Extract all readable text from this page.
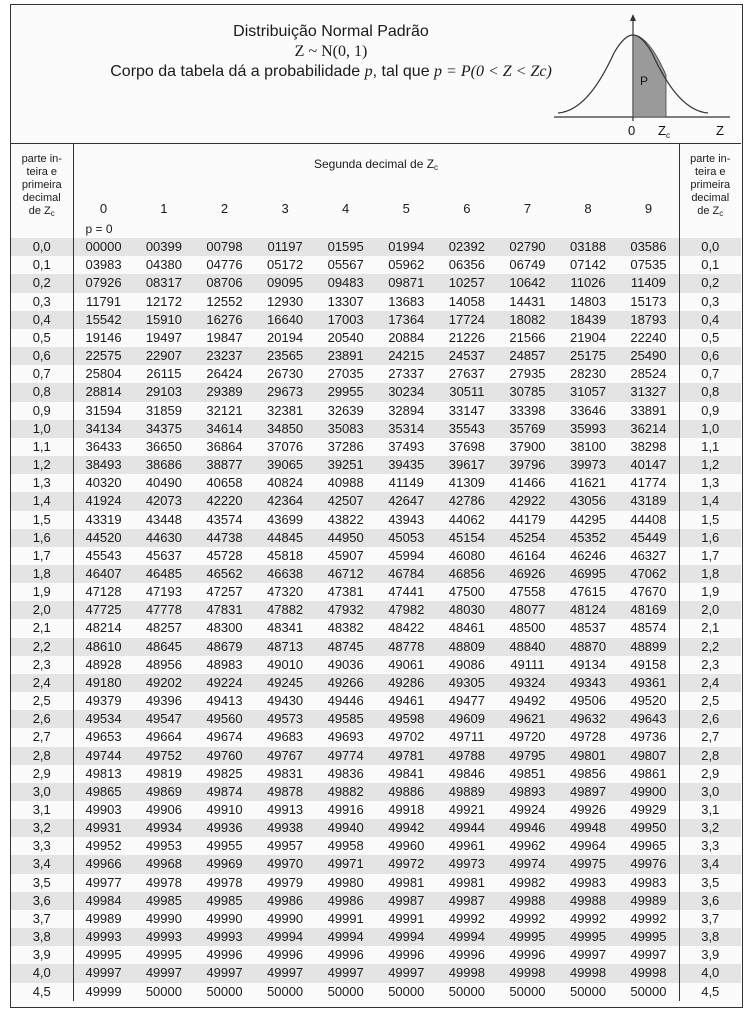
Distribuição Normal Padrão
Z ~ N(0, 1)
Corpo da tabela dá a probabilidade p, tal que p = P(0 < Z < Zc)
P
0 $Z_c$	Z
parte in-
teira e
primeira
decimal
de $Z_c$	Segunda decimal de $Z_c$										parte in-
teira e
primeira
decimal
de $Z_c$
	0	1	2	3	4	5	6	7	8	9	
	p = 0										
0,0	00000	00399	00798	01197	01595	01994	02392	02790	03188	03586	0,0
0,1	03983	04380	04776	05172	05567	05962	06356	06749	07142	07535	0,1
0,2	07926	08317	08706	09095	09483	09871	10257	10642	11026	11409	0,2
0,3	11791	12172	12552	12930	13307	13683	14058	14431	14803	15173	0,3
0,4	15542	15910	16276	16640	17003	17364	17724	18082	18439	18793	0,4
0,5	19146	19497	19847	20194	20540	20884	21226	21566	21904	22240	0,5
0,6	22575	22907	23237	23565	23891	24215	24537	24857	25175	25490	0,6
0,7	25804	26115	26424	26730	27035	27337	27637	27935	28230	28524	0,7
0,8	28814	29103	29389	29673	29955	30234	30511	30785	31057	31327	0,8
0,9	31594	31859	32121	32381	32639	32894	33147	33398	33646	33891	0,9
1,0	34134	34375	34614	34850	35083	35314	35543	35769	35993	36214	1,0
1,1	36433	36650	36864	37076	37286	37493	37698	37900	38100	38298	1,1
1,2	38493	38686	38877	39065	39251	39435	39617	39796	39973	40147	1,2
1,3	40320	40490	40658	40824	40988	41149	41309	41466	41621	41774	1,3
1,4	41924	42073	42220	42364	42507	42647	42786	42922	43056	43189	1,4
1,5	43319	43448	43574	43699	43822	43943	44062	44179	44295	44408	1,5
1,6	44520	44630	44738	44845	44950	45053	45154	45254	45352	45449	1,6
1,7	45543	45637	45728	45818	45907	45994	46080	46164	46246	46327	1,7
1,8	46407	46485	46562	46638	46712	46784	46856	46926	46995	47062	1,8
1,9	47128	47193	47257	47320	47381	47441	47500	47558	47615	47670	1,9
2,0	47725	47778	47831	47882	47932	47982	48030	48077	48124	48169	2,0
2,1	48214	48257	48300	48341	48382	48422	48461	48500	48537	48574	2,1
2,2	48610	48645	48679	48713	48745	48778	48809	48840	48870	48899	2,2
2,3	48928	48956	48983	49010	49036	49061	49086	49111	49134	49158	2,3
2,4	49180	49202	49224	49245	49266	49286	49305	49324	49343	49361	2,4
2,5	49379	49396	49413	49430	49446	49461	49477	49492	49506	49520	2,5
2,6	49534	49547	49560	49573	49585	49598	49609	49621	49632	49643	2,6
2,7	49653	49664	49674	49683	49693	49702	49711	49720	49728	49736	2,7
2,8	49744	49752	49760	49767	49774	49781	49788	49795	49801	49807	2,8
2,9	49813	49819	49825	49831	49836	49841	49846	49851	49856	49861	2,9
3,0	49865	49869	49874	49878	49882	49886	49889	49893	49897	49900	3,0
3,1	49903	49906	49910	49913	49916	49918	49921	49924	49926	49929	3,1
3,2	49931	49934	49936	49938	49940	49942	49944	49946	49948	49950	3,2
3,3	49952	49953	49955	49957	49958	49960	49961	49962	49964	49965	3,3
3,4	49966	49968	49969	49970	49971	49972	49973	49974	49975	49976	3,4
3,5	49977	49978	49978	49979	49980	49981	49981	49982	49983	49983	3,5
3,6	49984	49985	49985	49986	49986	49987	49987	49988	49988	49989	3,6
3,7	49989	49990	49990	49990	49991	49991	49992	49992	49992	49992	3,7
3,8	49993	49993	49993	49994	49994	49994	49994	49995	49995	49995	3,8
3,9	49995	49995	49996	49996	49996	49996	49996	49996	49997	49997	3,9
4,0	49997	49997	49997	49997	49997	49997	49998	49998	49998	49998	4,0
4,5	49999	50000	50000	50000	50000	50000	50000	50000	50000	50000	4,5
